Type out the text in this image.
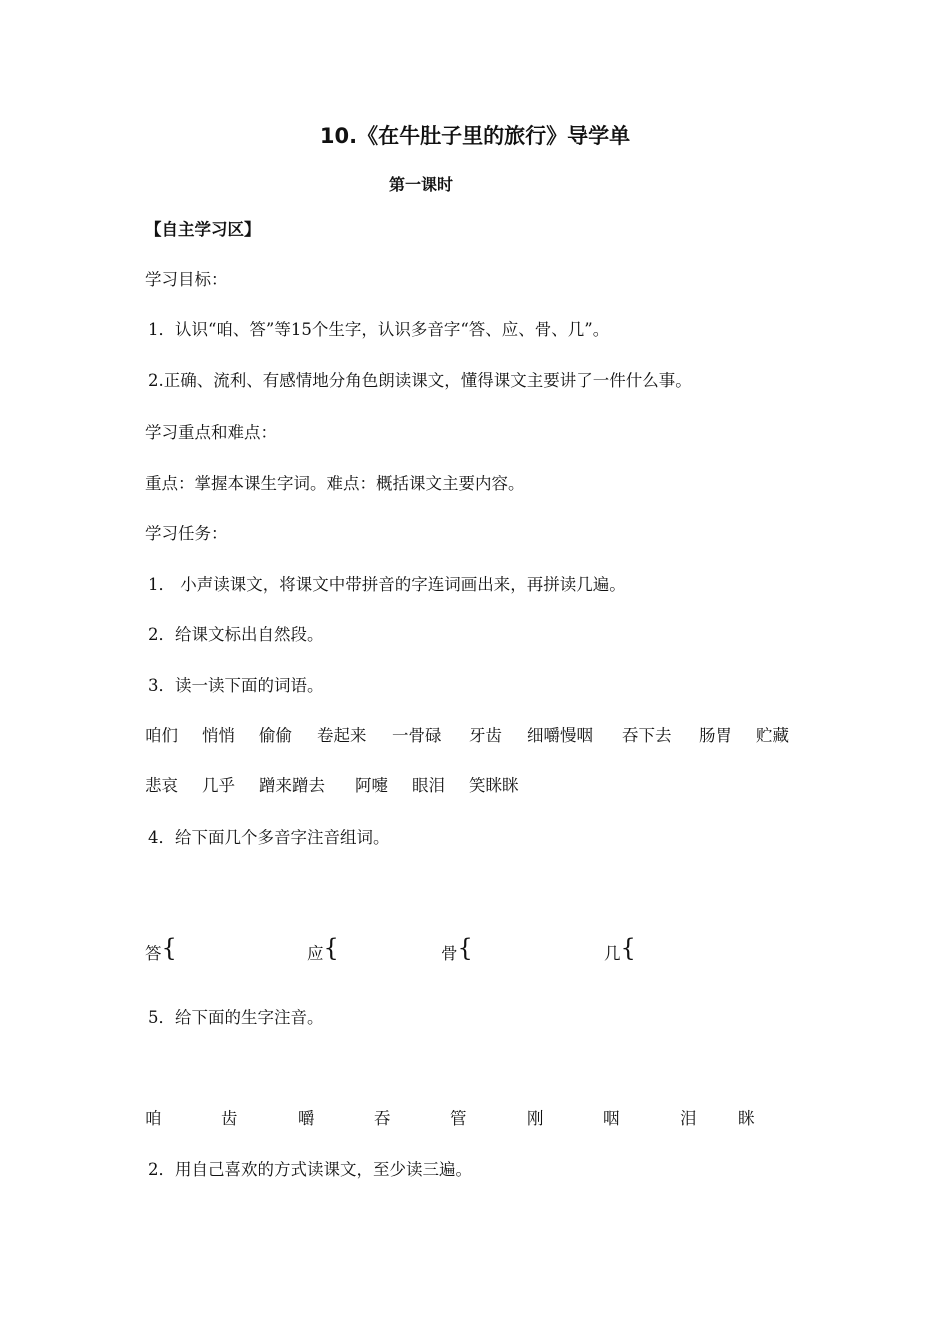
10.《在牛肚子里的旅行》导学单
第一课时
【自主学习区】
学习目标：
1．认识“咱、答”等15个生字，认识多音字“答、应、骨、几”。
2.正确、流利、有感情地分角色朗读课文，懂得课文主要讲了一件什么事。
学习重点和难点：
重点：掌握本课生字词。难点：概括课文主要内容。
学习任务：
1． 小声读课文，将课文中带拼音的字连词画出来，再拼读几遍。
2．给课文标出自然段。
3．读一读下面的词语。
咱们 悄悄 偷偷 卷起来 一骨碌 牙齿 细嚼慢咽 吞下去 肠胃 贮藏
悲哀 几乎 蹭来蹭去 阿嚏 眼泪 笑眯眯
4．给下面几个多音字注音组词。
答 {	应 {	骨 {	几 {
5．给下面的生字注音。
咱	齿	嚼	吞	管	刚	咽	泪	眯
2．用自己喜欢的方式读课文，至少读三遍。
